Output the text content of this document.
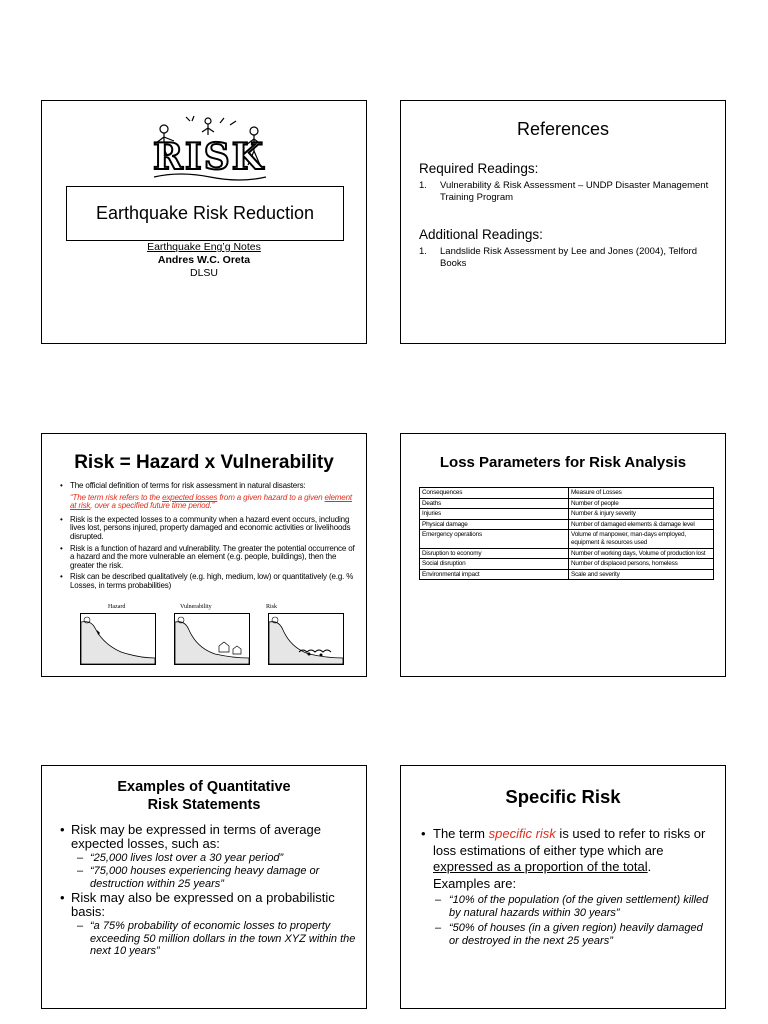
RISK
Earthquake Risk Reduction
Earthquake Eng’g Notes
Andres W.C. Oreta
DLSU
References
Required Readings:
1. Vulnerability & Risk Assessment – UNDP Disaster Management Training Program
Additional Readings:
1. Landslide Risk Assessment by Lee and Jones (2004), Telford Books
Risk = Hazard x Vulnerability
• The official definition of terms for risk assessment in natural disasters:
“The term risk refers to the expected losses from a given hazard to a given element at risk, over a specified future time period.”
• Risk is the expected losses to a community when a hazard event occurs, including lives lost, persons injured, property damaged and economic activities or livelihoods disrupted.
• Risk is a function of hazard and vulnerability. The greater the potential occurrence of a hazard and the more vulnerable an element (e.g. people, buildings), then the greater the risk.
• Risk can be described qualitatively (e.g. high, medium, low) or quantitatively (e.g. % Losses, in terms probabilities)
Hazard	Vulnerability	Risk
Loss Parameters for Risk Analysis
Consequences	Measure of Losses
Deaths	Number of people
Injuries	Number & injury severity
Physical damage	Number of damaged elements & damage level
Emergency operations	Volume of manpower, man-days employed, equipment & resources used
Disruption to economy	Number of working days, Volume of production lost
Social disruption	Number of displaced persons, homeless
Environmental impact	Scale and severity
Examples of Quantitative
Risk Statements
• Risk may be expressed in terms of average expected losses, such as:
– “25,000 lives lost over a 30 year period”
– “75,000 houses experiencing heavy damage or destruction within 25 years”
• Risk may also be expressed on a probabilistic basis:
– “a 75% probability of economic losses to property exceeding 50 million dollars in the town XYZ within the next 10 years”
Specific Risk
• The term specific risk is used to refer to risks or loss estimations of either type which are expressed as a proportion of the total. Examples are:
– “10% of the population (of the given settlement) killed by natural hazards within 30 years”
– “50% of houses (in a given region) heavily damaged or destroyed in the next 25 years”
